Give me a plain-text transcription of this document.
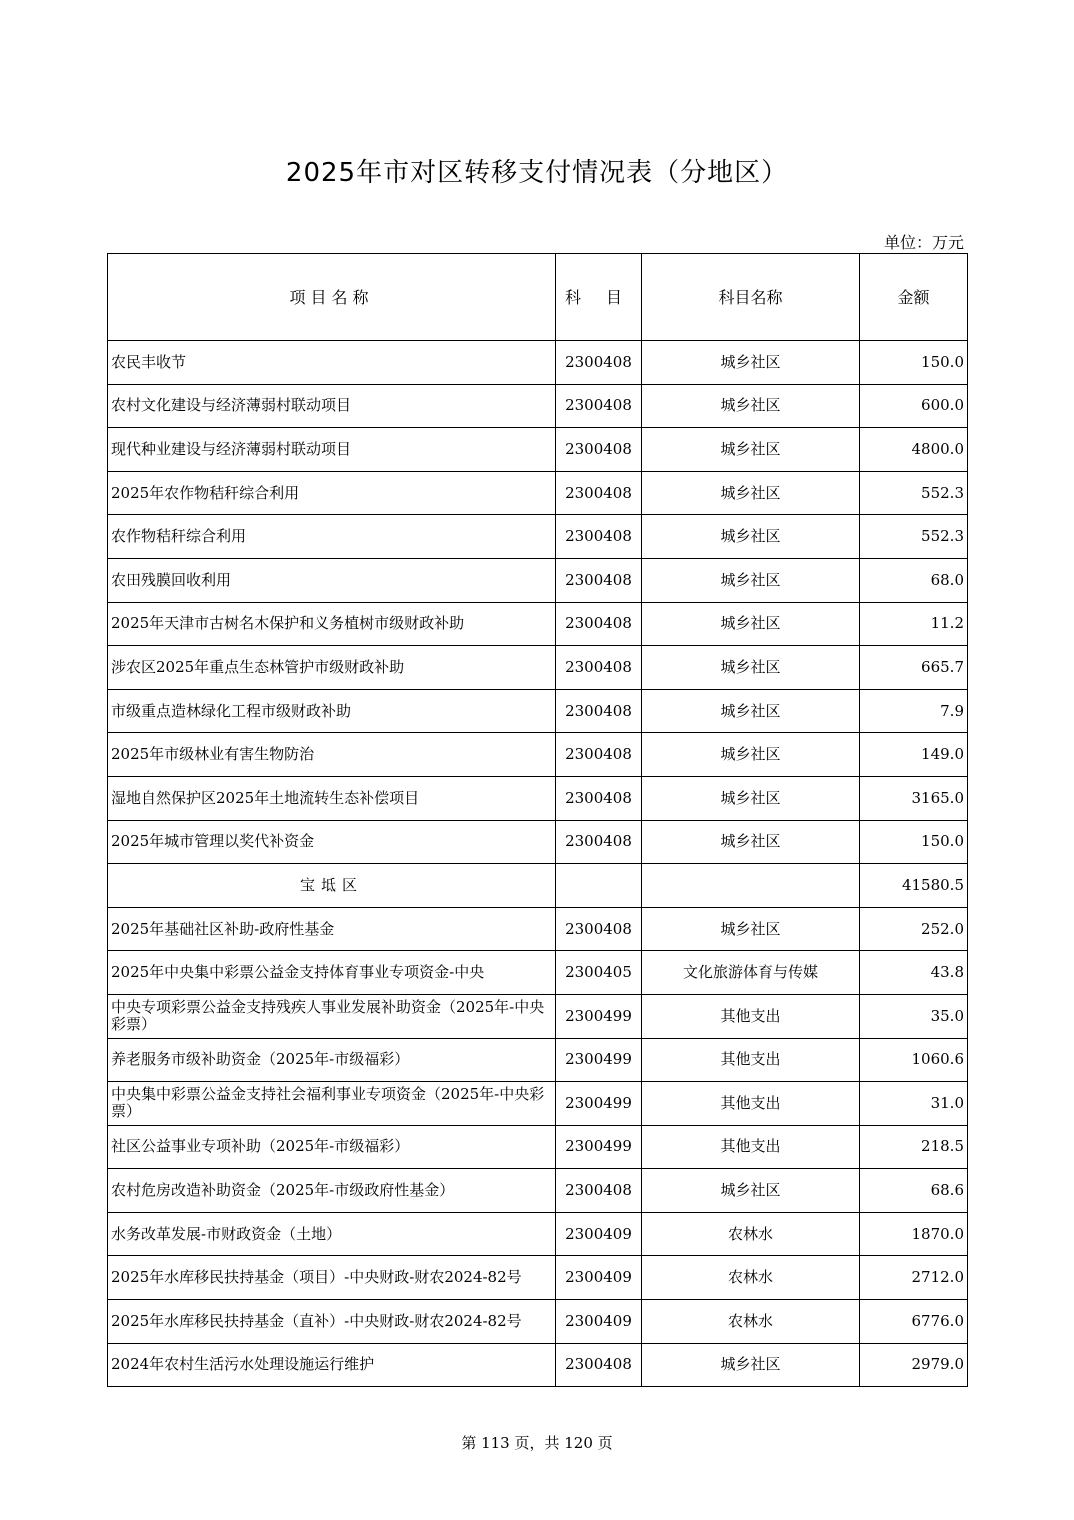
2025年市对区转移支付情况表（分地区）
单位：万元
项目名称	科 目	科目名称	金额
农民丰收节	2300408	城乡社区	150.0
农村文化建设与经济薄弱村联动项目	2300408	城乡社区	600.0
现代种业建设与经济薄弱村联动项目	2300408	城乡社区	4800.0
2025年农作物秸秆综合利用	2300408	城乡社区	552.3
农作物秸秆综合利用	2300408	城乡社区	552.3
农田残膜回收利用	2300408	城乡社区	68.0
2025年天津市古树名木保护和义务植树市级财政补助	2300408	城乡社区	11.2
涉农区2025年重点生态林管护市级财政补助	2300408	城乡社区	665.7
市级重点造林绿化工程市级财政补助	2300408	城乡社区	7.9
2025年市级林业有害生物防治	2300408	城乡社区	149.0
湿地自然保护区2025年土地流转生态补偿项目	2300408	城乡社区	3165.0
2025年城市管理以奖代补资金	2300408	城乡社区	150.0
宝坻区			41580.5
2025年基础社区补助-政府性基金	2300408	城乡社区	252.0
2025年中央集中彩票公益金支持体育事业专项资金-中央	2300405	文化旅游体育与传媒	43.8
中央专项彩票公益金支持残疾人事业发展补助资金（2025年-中央彩票）	2300499	其他支出	35.0
养老服务市级补助资金（2025年-市级福彩）	2300499	其他支出	1060.6
中央集中彩票公益金支持社会福利事业专项资金（2025年-中央彩票）	2300499	其他支出	31.0
社区公益事业专项补助（2025年-市级福彩）	2300499	其他支出	218.5
农村危房改造补助资金（2025年-市级政府性基金）	2300408	城乡社区	68.6
水务改革发展-市财政资金（土地）	2300409	农林水	1870.0
2025年水库移民扶持基金（项目）-中央财政-财农2024-82号	2300409	农林水	2712.0
2025年水库移民扶持基金（直补）-中央财政-财农2024-82号	2300409	农林水	6776.0
2024年农村生活污水处理设施运行维护	2300408	城乡社区	2979.0
第 113 页，共 120 页
